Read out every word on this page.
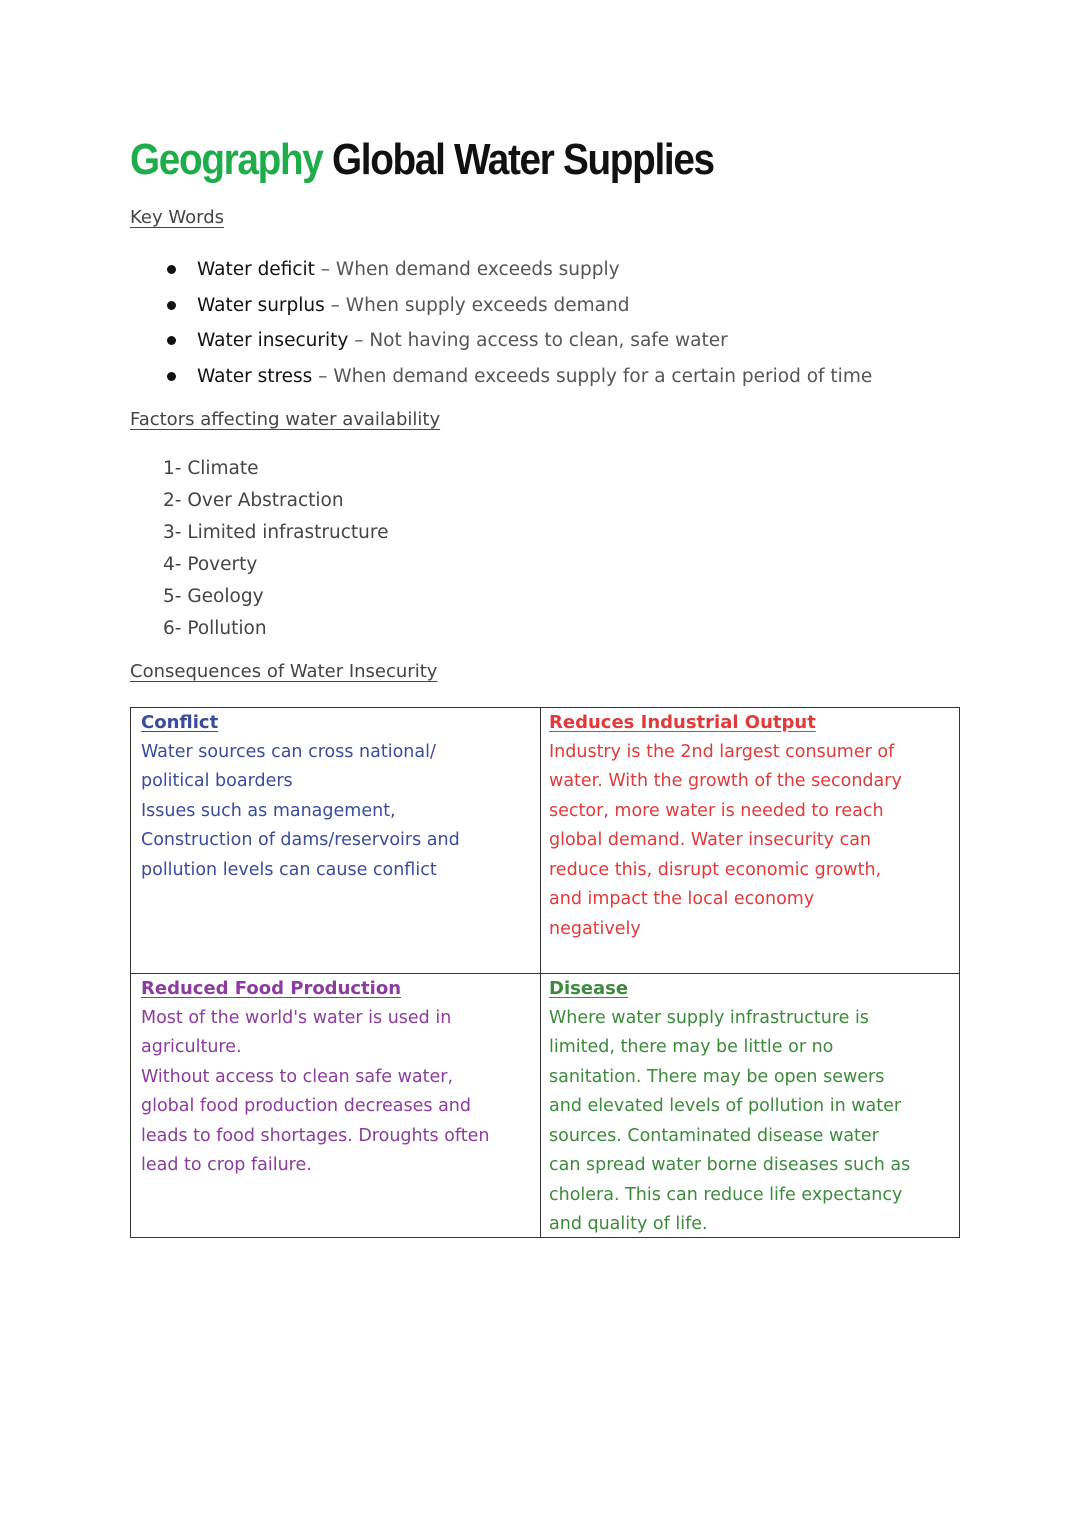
Geography Global Water Supplies
Key Words
Water deficit – When demand exceeds supply
Water surplus – When supply exceeds demand
Water insecurity – Not having access to clean, safe water
Water stress – When demand exceeds supply for a certain period of time
Factors affecting water availability
1- Climate
2- Over Abstraction
3- Limited infrastructure
4- Poverty
5- Geology
6- Pollution
Consequences of Water Insecurity
Conflict

Water sources can cross national/
political boarders
Issues such as management,
Construction of dams/reservoirs and
pollution levels can cause conflict

Reduces Industrial Output

Industry is the 2nd largest consumer of
water. With the growth of the secondary
sector, more water is needed to reach
global demand. Water insecurity can
reduce this, disrupt economic growth,
and impact the local economy
negatively

Reduced Food Production

Most of the world's water is used in
agriculture.
Without access to clean safe water,
global food production decreases and
leads to food shortages. Droughts often
lead to crop failure.

Disease

Where water supply infrastructure is
limited, there may be little or no
sanitation. There may be open sewers
and elevated levels of pollution in water
sources. Contaminated disease water
can spread water borne diseases such as
cholera. This can reduce life expectancy
and quality of life.
